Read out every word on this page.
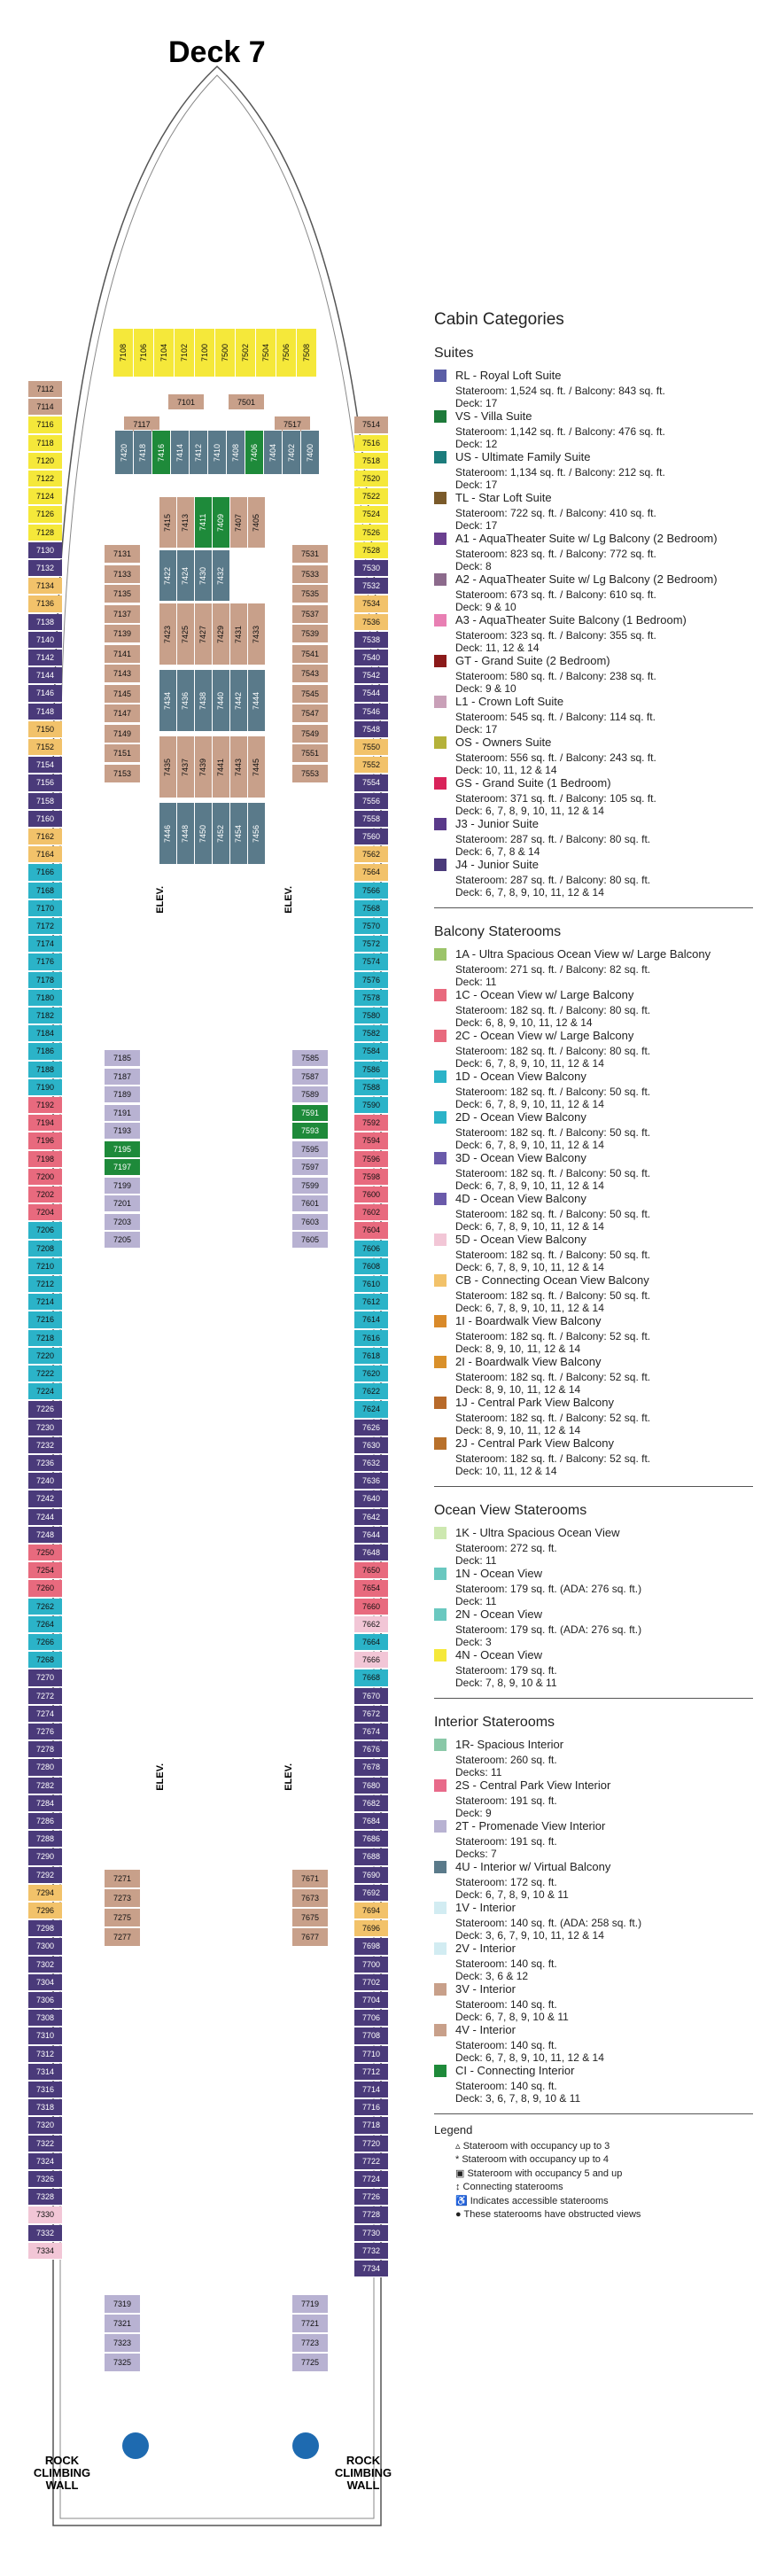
Deck 7
7108	7106	7104	7102	7100	7500	7502	7504	7506	7508
7112
7114
7116
7118
7120
7122
7124
7126
7128
7130
7132
7134
7136
7138
7140
7142
7144
7146
7148
7150
7152
7154
7156
7158
7160
7162
7164
7166
7168
7170
7172
7174
7176
7178
7180
7182
7184
7186
7188
7190
7192
7194
7196
7198
7200
7202
7204
7206
7208
7210
7212
7214
7216
7218
7220
7222
7224
7226
7230
7232
7236
7240
7242
7244
7248
7250
7254
7260
7262
7264
7266
7268
7270
7272
7274
7276
7278
7280
7282
7284
7286
7288
7290
7292
7294
7296
7298
7300
7302
7304
7306
7308
7310
7312
7314
7316
7318
7320
7322
7324
7326
7328
7330
7332
7334
7514
7516
7518
7520
7522
7524
7526
7528
7530
7532
7534
7536
7538
7540
7542
7544
7546
7548
7550
7552
7554
7556
7558
7560
7562
7564
7566
7568
7570
7572
7574
7576
7578
7580
7582
7584
7586
7588
7590
7592
7594
7596
7598
7600
7602
7604
7606
7608
7610
7612
7614
7616
7618
7620
7622
7624
7626
7630
7632
7636
7640
7642
7644
7648
7650
7654
7660
7662
7664
7666
7668
7670
7672
7674
7676
7678
7680
7682
7684
7686
7688
7690
7692
7694
7696
7698
7700
7702
7704
7706
7708
7710
7712
7714
7716
7718
7720
7722
7724
7726
7728
7730
7732
7734
7101	7501
7117	7517
7420	7418	7416	7414	7412	7410	7408	7406	7404	7402	7400
7415	7413	7411	7409	7407	7405
7422	7424	7430	7432
7423	7425	7427	7429	7431	7433
7434	7436	7438	7440	7442	7444
7435	7437	7439	7441	7443	7445
7446	7448	7450	7452	7454	7456
7131
7133
7135
7137
7139
7141
7143
7145
7147
7149
7151
7153
7531
7533
7535
7537
7539
7541
7543
7545
7547
7549
7551
7553
7185
7187
7189
7191
7193
7195
7197
7199
7201
7203
7205
7585
7587
7589
7591
7593
7595
7597
7599
7601
7603
7605
7271
7273
7275
7277
7671
7673
7675
7677
7319
7321
7323
7325
7719
7721
7723
7725
ELEV.	ELEV.
ELEV.	ELEV.
ROCK CLIMBING WALL
ROCK CLIMBING WALL
Cabin Categories
Suites
RL - Royal Loft Suite
Stateroom: 1,524 sq. ft. / Balcony: 843 sq. ft.
Deck: 17
VS - Villa Suite
Stateroom: 1,142 sq. ft. / Balcony: 476 sq. ft.
Deck: 12
US - Ultimate Family Suite
Stateroom: 1,134 sq. ft. / Balcony: 212 sq. ft.
Deck: 17
TL - Star Loft Suite
Stateroom: 722 sq. ft. / Balcony: 410 sq. ft.
Deck: 17
A1 - AquaTheater Suite w/ Lg Balcony (2 Bedroom)
Stateroom: 823 sq. ft. / Balcony: 772 sq. ft.
Deck: 8
A2 - AquaTheater Suite w/ Lg Balcony (2 Bedroom)
Stateroom: 673 sq. ft. / Balcony: 610 sq. ft.
Deck: 9 & 10
A3 - AquaTheater Suite Balcony (1 Bedroom)
Stateroom: 323 sq. ft. / Balcony: 355 sq. ft.
Deck: 11, 12 & 14
GT - Grand Suite (2 Bedroom)
Stateroom: 580 sq. ft. / Balcony: 238 sq. ft.
Deck: 9 & 10
L1 - Crown Loft Suite
Stateroom: 545 sq. ft. / Balcony: 114 sq. ft.
Deck: 17
OS - Owners Suite
Stateroom: 556 sq. ft. / Balcony: 243 sq. ft.
Deck: 10, 11, 12 & 14
GS - Grand Suite (1 Bedroom)
Stateroom: 371 sq. ft. / Balcony: 105 sq. ft.
Deck: 6, 7, 8, 9, 10, 11, 12 & 14
J3 - Junior Suite
Stateroom: 287 sq. ft. / Balcony: 80 sq. ft.
Deck: 6, 7, 8 & 14
J4 - Junior Suite
Stateroom: 287 sq. ft. / Balcony: 80 sq. ft.
Deck: 6, 7, 8, 9, 10, 11, 12 & 14
Balcony Staterooms
1A - Ultra Spacious Ocean View w/ Large Balcony
Stateroom: 271 sq. ft. / Balcony: 82 sq. ft.
Deck: 11
1C - Ocean View w/ Large Balcony
Stateroom: 182 sq. ft. / Balcony: 80 sq. ft.
Deck: 6, 8, 9, 10, 11, 12 & 14
2C - Ocean View w/ Large Balcony
Stateroom: 182 sq. ft. / Balcony: 80 sq. ft.
Deck: 6, 7, 8, 9, 10, 11, 12 & 14
1D - Ocean View Balcony
Stateroom: 182 sq. ft. / Balcony: 50 sq. ft.
Deck: 6, 7, 8, 9, 10, 11, 12 & 14
2D - Ocean View Balcony
Stateroom: 182 sq. ft. / Balcony: 50 sq. ft.
Deck: 6, 7, 8, 9, 10, 11, 12 & 14
3D - Ocean View Balcony
Stateroom: 182 sq. ft. / Balcony: 50 sq. ft.
Deck: 6, 7, 8, 9, 10, 11, 12 & 14
4D - Ocean View Balcony
Stateroom: 182 sq. ft. / Balcony: 50 sq. ft.
Deck: 6, 7, 8, 9, 10, 11, 12 & 14
5D - Ocean View Balcony
Stateroom: 182 sq. ft. / Balcony: 50 sq. ft.
Deck: 6, 7, 8, 9, 10, 11, 12 & 14
CB - Connecting Ocean View Balcony
Stateroom: 182 sq. ft. / Balcony: 50 sq. ft.
Deck: 6, 7, 8, 9, 10, 11, 12 & 14
1I - Boardwalk View Balcony
Stateroom: 182 sq. ft. / Balcony: 52 sq. ft.
Deck: 8, 9, 10, 11, 12 & 14
2I - Boardwalk View Balcony
Stateroom: 182 sq. ft. / Balcony: 52 sq. ft.
Deck: 8, 9, 10, 11, 12 & 14
1J - Central Park View Balcony
Stateroom: 182 sq. ft. / Balcony: 52 sq. ft.
Deck: 8, 9, 10, 11, 12 & 14
2J - Central Park View Balcony
Stateroom: 182 sq. ft. / Balcony: 52 sq. ft.
Deck: 10, 11, 12 & 14
Ocean View Staterooms
1K - Ultra Spacious Ocean View
Stateroom: 272 sq. ft.
Deck: 11
1N - Ocean View
Stateroom: 179 sq. ft. (ADA: 276 sq. ft.)
Deck: 11
2N - Ocean View
Stateroom: 179 sq. ft. (ADA: 276 sq. ft.)
Deck: 3
4N - Ocean View
Stateroom: 179 sq. ft.
Deck: 7, 8, 9, 10 & 11
Interior Staterooms
1R- Spacious Interior
Stateroom: 260 sq. ft.
Decks: 11
2S - Central Park View Interior
Stateroom: 191 sq. ft.
Deck: 9
2T - Promenade View Interior
Stateroom: 191 sq. ft.
Decks: 7
4U - Interior w/ Virtual Balcony
Stateroom: 172 sq. ft.
Deck: 6, 7, 8, 9, 10 & 11
1V - Interior
Stateroom: 140 sq. ft. (ADA: 258 sq. ft.)
Deck: 3, 6, 7, 9, 10, 11, 12 & 14
2V - Interior
Stateroom: 140 sq. ft.
Deck: 3, 6 & 12
3V - Interior
Stateroom: 140 sq. ft.
Deck: 6, 7, 8, 9, 10 & 11
4V - Interior
Stateroom: 140 sq. ft.
Deck: 6, 7, 8, 9, 10, 11, 12 & 14
CI - Connecting Interior
Stateroom: 140 sq. ft.
Deck: 3, 6, 7, 8, 9, 10 & 11
Legend
▵ Stateroom with occupancy up to 3
* Stateroom with occupancy up to 4
▣ Stateroom with occupancy 5 and up
↕ Connecting staterooms
♿ Indicates accessible staterooms
● These staterooms have obstructed views
